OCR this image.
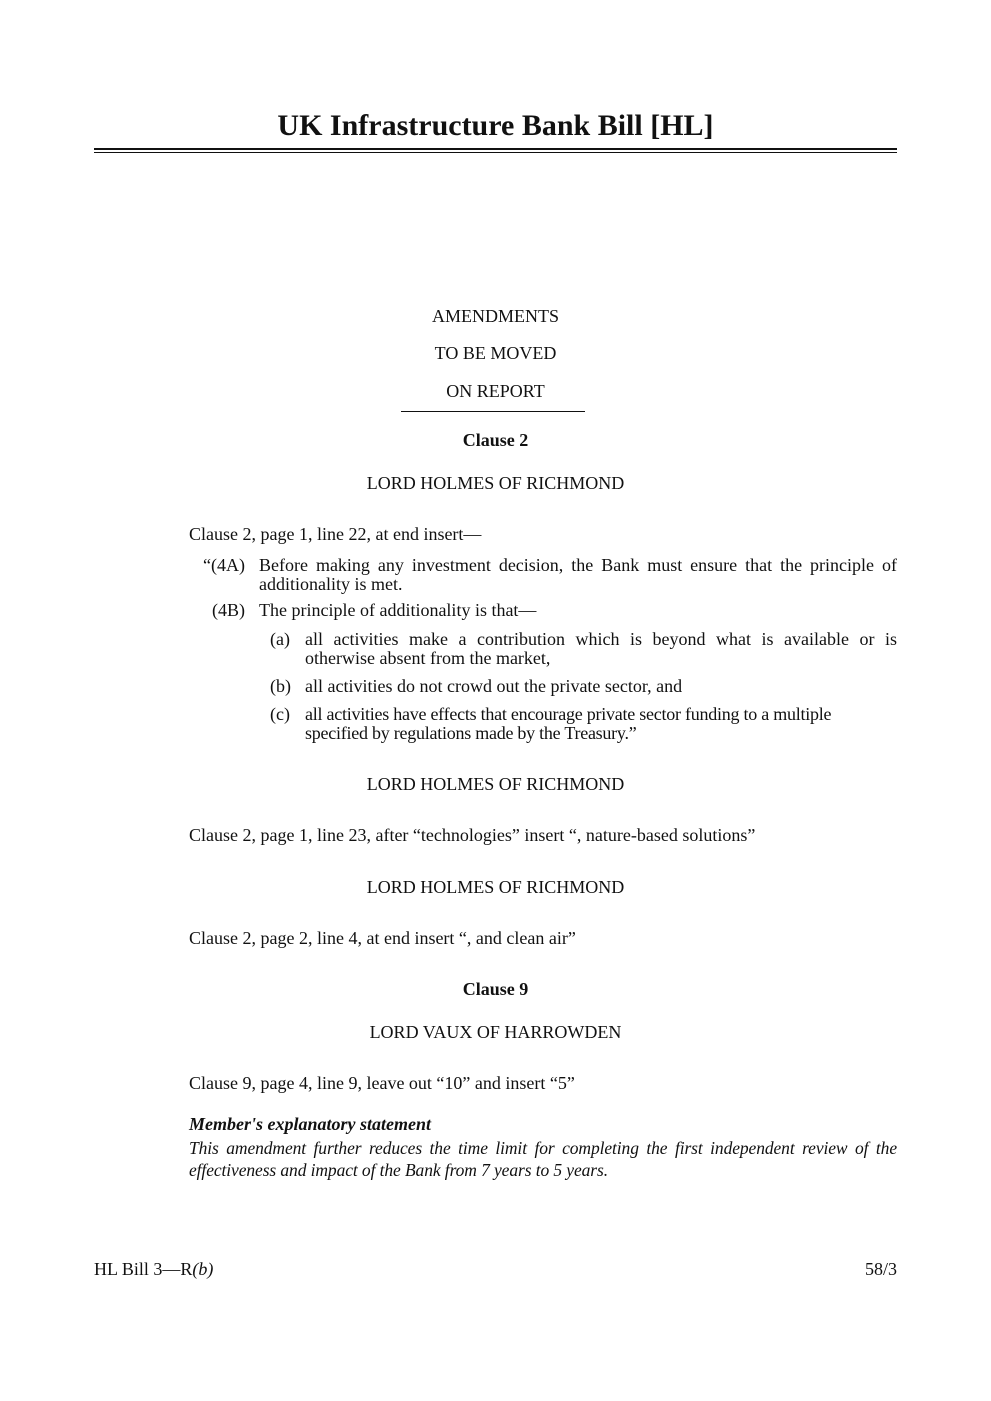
UK Infrastructure Bank Bill [HL]
AMENDMENTS
TO BE MOVED
ON REPORT
Clause 2
LORD HOLMES OF RICHMOND
Clause 2, page 1, line 22, at end insert—
“(4A) Before making any investment decision, the Bank must ensure that the principle of additionality is met.
(4B) The principle of additionality is that—
(a) all activities make a contribution which is beyond what is available or is otherwise absent from the market,
(b) all activities do not crowd out the private sector, and
(c) all activities have effects that encourage private sector funding to a multiple specified by regulations made by the Treasury.”
LORD HOLMES OF RICHMOND
Clause 2, page 1, line 23, after “technologies” insert “, nature-based solutions”
LORD HOLMES OF RICHMOND
Clause 2, page 2, line 4, at end insert “, and clean air”
Clause 9
LORD VAUX OF HARROWDEN
Clause 9, page 4, line 9, leave out “10” and insert “5”
Member's explanatory statement
This amendment further reduces the time limit for completing the first independent review of the effectiveness and impact of the Bank from 7 years to 5 years.
HL Bill 3—R(b)	58/3
